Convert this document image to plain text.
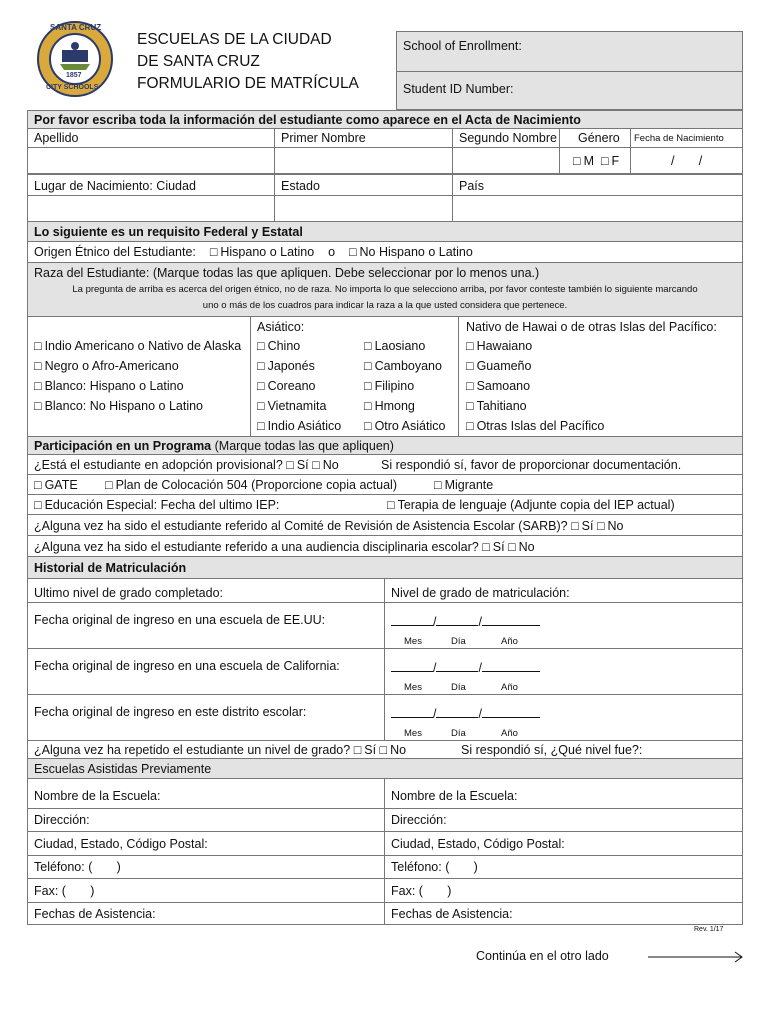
SANTA CRUZ
1857
CITY SCHOOLS
ESCUELAS DE LA CIUDAD
DE SANTA CRUZ
FORMULARIO DE MATRÍCULA
School of Enrollment:
Student ID Number:
Por favor escriba toda la información del estudiante como aparece en el Acta de Nacimiento
Apellido	Primer Nombre	Segundo Nombre	Género	Fecha de Nacimiento
□ M □ F	/       /
Lugar de Nacimiento: Ciudad	Estado	País
Lo siguiente es un requisito Federal y Estatal
Origen Étnico del Estudiante: □ Hispano o Latino o □ No Hispano o Latino
Raza del Estudiante: (Marque todas las que apliquen. Debe seleccionar por lo menos una.)
La pregunta de arriba es acerca del origen étnico, no de raza. No importa lo que selecciono arriba, por favor conteste también lo siguiente marcando
uno o más de los cuadros para indicar la raza a la que usted considera que pertenece.
Asiático:	Nativo de Hawai o de otras Islas del Pacífico:
□ Indio Americano o Nativo de Alaska
□ Negro o Afro-Americano
□ Blanco: Hispano o Latino
□ Blanco: No Hispano o Latino
□ Chino
□ Japonés
□ Coreano
□ Vietnamita
□ Indio Asiático
□ Laosiano
□ Camboyano
□ Filipino
□ Hmong
□ Otro Asiático
□ Hawaiano
□ Guameño
□ Samoano
□ Tahitiano
□ Otras Islas del Pacífico
Participación en un Programa (Marque todas las que apliquen)
¿Está el estudiante en adopción provisional? □ Sí □ No	Si respondió sí, favor de proporcionar documentación.
□ GATE	□ Plan de Colocación 504 (Proporcione copia actual)	□ Migrante
□ Educación Especial: Fecha del ultimo IEP:	□ Terapia de lenguaje (Adjunte copia del IEP actual)
¿Alguna vez ha sido el estudiante referido al Comité de Revisión de Asistencia Escolar (SARB)? □ Sí □ No
¿Alguna vez ha sido el estudiante referido a una audiencia disciplinaria escolar? □ Sí □ No
Historial de Matriculación
Ultimo nivel de grado completado:	Nivel de grado de matriculación:
Fecha original de ingreso en una escuela de EE.UU:	/	/
Mes	Día	Año
Fecha original de ingreso en una escuela de California:	/	/
Mes	Día	Año
Fecha original de ingreso en este distrito escolar:	/	/
Mes	Día	Año
¿Alguna vez ha repetido el estudiante un nivel de grado? □ Sí □ No	Si respondió sí, ¿Qué nivel fue?:
Escuelas Asistidas Previamente
Nombre de la Escuela:	Nombre de la Escuela:
Dirección:	Dirección:
Ciudad, Estado, Código Postal:	Ciudad, Estado, Código Postal:
Teléfono: (       )	Teléfono: (       )
Fax: (       )	Fax: (       )
Fechas de Asistencia:	Fechas de Asistencia:
Rev. 1/17
Continúa en el otro lado
